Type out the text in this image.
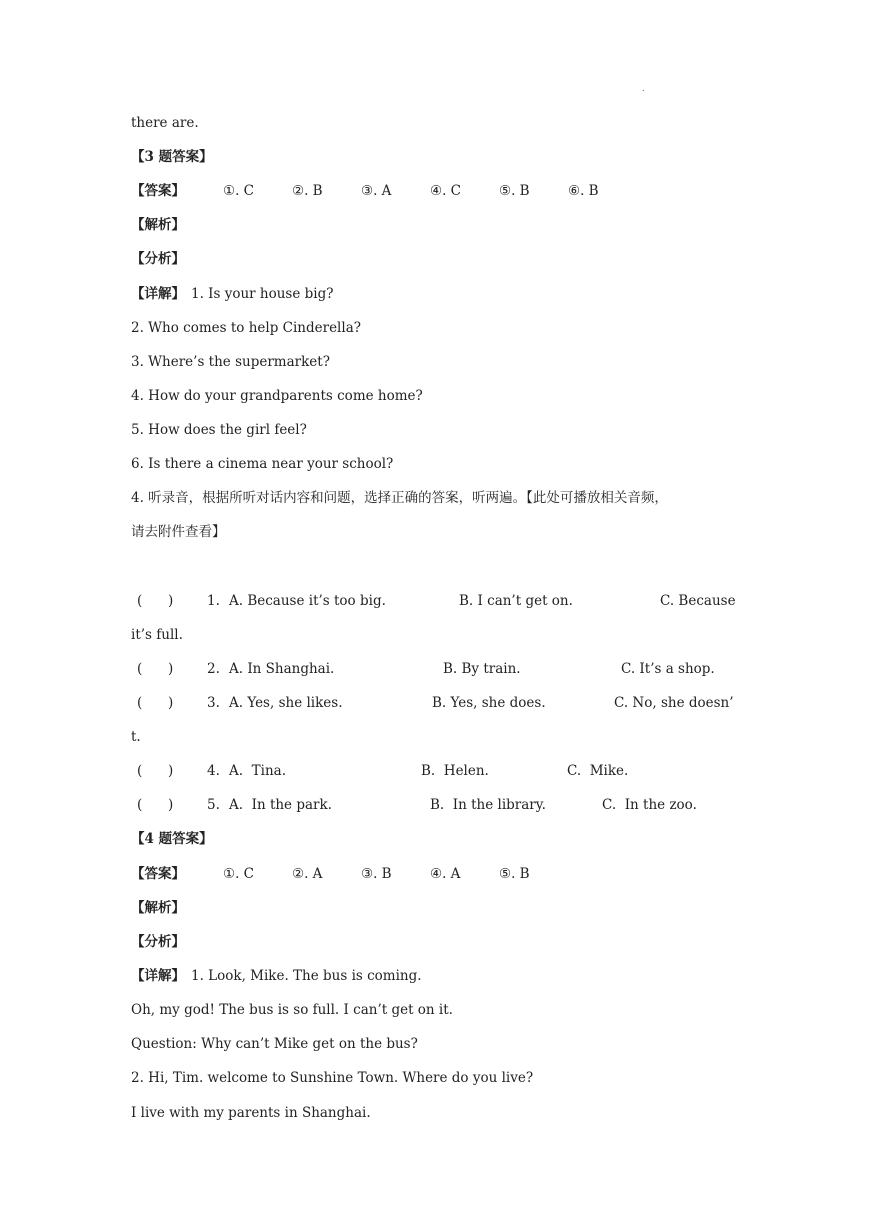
.
there are.
【3 题答案】
【答案】	①. C	②. B	③. A	④. C	⑤. B	⑥. B
【解析】
【分析】
【详解】 1. Is your house big?
2. Who comes to help Cinderella?
3. Where’s the supermarket?
4. How do your grandparents come home?
5. How does the girl feel?
6. Is there a cinema near your school?
4. 听录音，根据所听对话内容和问题，选择正确的答案，听两遍。【此处可播放相关音频，
请去附件查看】
(      ) 1. A. Because it’s too big.	B. I can’t get on.	C. Because
it’s full.
(      ) 2. A. In Shanghai.	B. By train.	C. It’s a shop.
(      ) 3. A. Yes, she likes.	B. Yes, she does.	C. No, she doesn’
t.
(      ) 4. A.  Tina.	B.  Helen.	C.  Mike.
(      ) 5. A.  In the park.	B.  In the library.	C.  In the zoo.
【4 题答案】
【答案】	①. C	②. A	③. B	④. A	⑤. B
【解析】
【分析】
【详解】 1. Look, Mike. The bus is coming.
Oh, my god! The bus is so full. I can’t get on it.
Question: Why can’t Mike get on the bus?
2. Hi, Tim. welcome to Sunshine Town. Where do you live?
I live with my parents in Shanghai.
